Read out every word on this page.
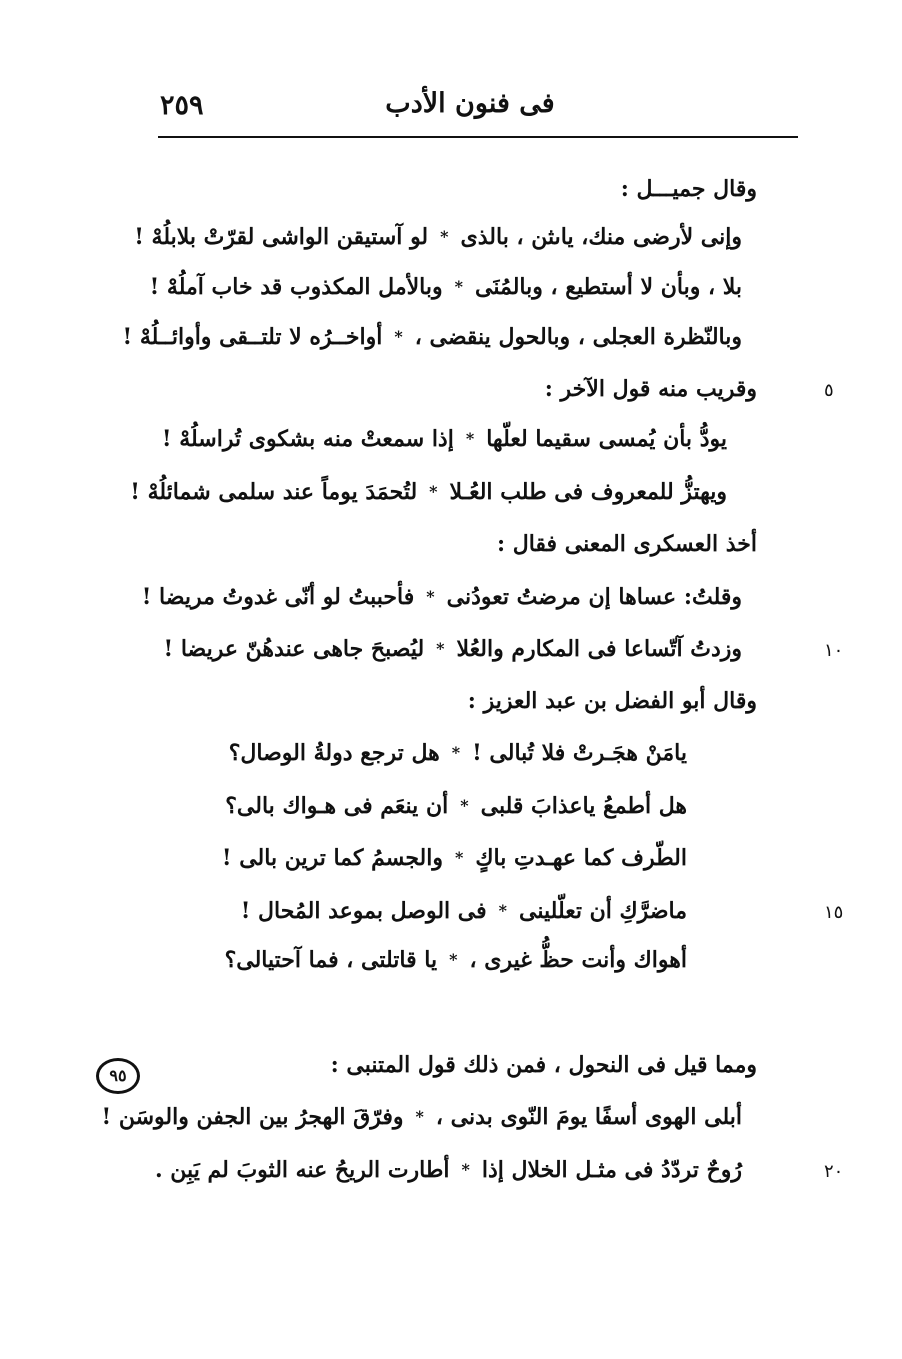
فى فنون الأدب
٢٥٩
وقال جميـــل :
وإنى لأرضى منك، ياىثن ، بالذى
*
لو آستيقن الواشى لقرّتْ بلابلُهْ !
بلا ، وبأن لا أستطيع ، وبالمُنَى
*
وبالأمل المكذوب قد خاب آملُهْ !
وبالنّظرة العجلى ، وبالحول ينقضى ،
*
أواخــرُه لا تلتــقى وأوائــلُهْ !
وقريب منه قول الآخر :	٥
يودُّ بأن يُمسى سقيما لعلّها
*
إذا سمعتْ منه بشكوى تُراسلُهْ !
ويهتزُّ للمعروف فى طلب العُـلا
*
لتُحمَدَ يوماً عند سلمى شمائلُهْ !
أخذ العسكرى المعنى فقال :
وقلتُ: عساها إن مرضتُ تعودُنى
*
فأحببتُ لو أنّى غدوتُ مريضا !
وزدتُ آتّساعا فى المكارم والعُلا
*
ليُصبحَ جاهى عندهُنّ عريضا !	١٠
وقال أبو الفضل بن عبد العزيز :
يامَنْ هجَـرتْ فلا تُبالى !
*
هل ترجع دولةُ الوصال؟
هل أطمعُ ياعذابَ قلبى
*
أن ينعَم فى هـواك بالى؟
الطّرف كما عهـدتِ باكٍ
*
والجسمُ كما ترين بالى !
ماضرَّكِ أن تعلّلينى
*
فى الوصل بموعد المُحال !	١٥
أهواك وأنت حظُّ غيرى ،
*
يا قاتلتى ، فما آحتيالى؟
ومما قيل فى النحول ، فمن ذلك قول المتنبى :
٩٥
أبلى الهوى أسفًا يومَ النّوى بدنى ،
*
وفرّقَ الهجرُ بين الجفن والوسَن !
رُوحٌ تردّدُ فى مثـل الخلال إذا
*
أطارت الريحُ عنه الثوبَ لم يَبِن .	٢٠
